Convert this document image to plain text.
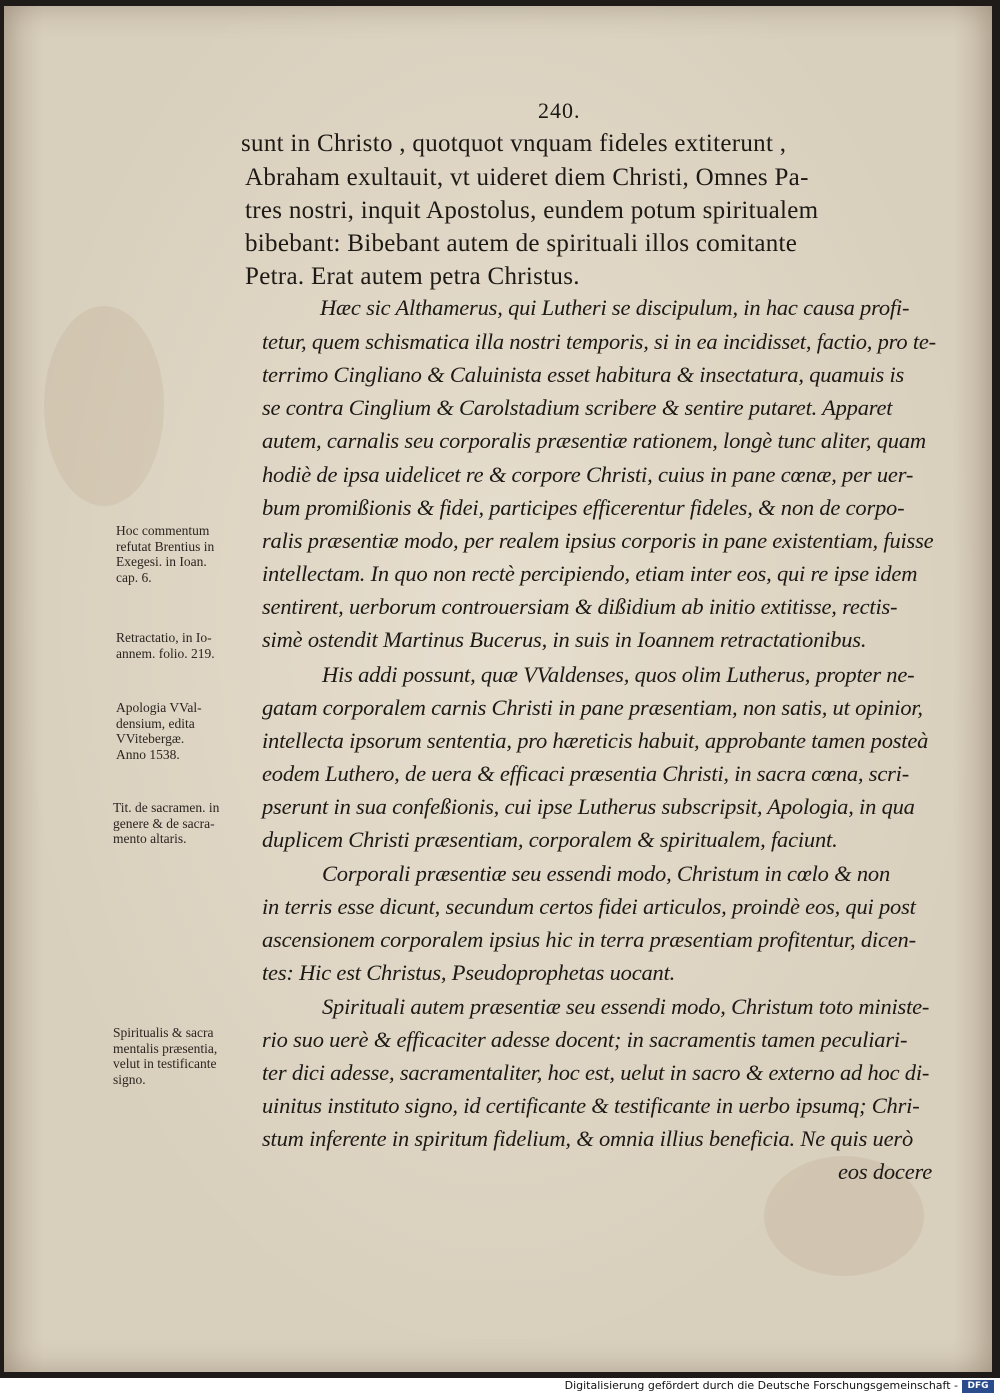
240.
sunt in Christo , quotquot vnquam fideles extiterunt ,
Abraham exultauit, vt uideret diem Christi, Omnes Pa-
tres nostri, inquit Apostolus, eundem potum spiritualem
bibebant: Bibebant autem de spirituali illos comitante
Petra. Erat autem petra Christus.
Hæc sic Althamerus, qui Lutheri se discipulum, in hac causa profi-
tetur, quem schismatica illa nostri temporis, si in ea incidisset, factio, pro te-
terrimo Cinglianο & Caluinista esset habitura & insectatura, quamuis is
se contra Cinglium & Carolstadium scribere & sentire putaret. Apparet
autem, carnalis seu corporalis præsentiæ rationem, longè tunc aliter, quam
hodiè de ipsa uidelicet re & corpore Christi, cuius in pane cœnæ, per uer-
bum promißionis & fidei, participes efficerentur fideles, & non de corpo-
ralis præsentiæ modo, per realem ipsius corporis in pane existentiam, fuisse
intellectam. In quo non rectè percipiendo, etiam inter eos, qui re ipse idem
sentirent, uerborum controuersiam & dißidium ab initio extitisse, rectis-
simè ostendit Martinus Bucerus, in suis in Ioannem retractationibus.
His addi possunt, quæ VValdenses, quos olim Lutherus, propter ne-
gatam corporalem carnis Christi in pane præsentiam, non satis, ut opinior,
intellecta ipsorum sententia, pro hæreticis habuit, approbante tamen posteà
eodem Luthero, de uera & efficaci præsentia Christi, in sacra cœna, scri-
pserunt in sua confeßionis, cui ipse Lutherus subscripsit, Apologia, in qua
duplicem Christi præsentiam, corporalem & spiritualem, faciunt.
Corporali præsentiæ seu essendi modo, Christum in cœlo & non
in terris esse dicunt, secundum certos fidei articulos, proindè eos, qui post
ascensionem corporalem ipsius hic in terra præsentiam profitentur, dicen-
tes: Hic est Christus, Pseudoprophetas uocant.
Spirituali autem præsentiæ seu essendi modo, Christum toto ministe-
rio suo uerè & efficaciter adesse docent; in sacramentis tamen peculiari-
ter dici adesse, sacramentaliter, hoc est, uelut in sacro & externo ad hoc di-
uinitus instituto signo, id certificante & testificante in uerbo ipsumq; Chri-
stum inferente in spiritum fidelium, & omnia illius beneficia. Ne quis uerò
eos docere
Hoc commentum
refutat Brentius in
Exegesi. in Ioan.
cap. 6.
Retractatio, in Io-
annem. folio. 219.
Apologia VVal-
densium, edita
VVitebergæ.
Anno 1538.
Tit. de sacramen. in
genere & de sacra-
mento altaris.
Spiritualis & sacra
mentalis præsentia,
velut in testificante
signo.
Digitalisierung gefördert durch die Deutsche Forschungsgemeinschaft -	DFG
